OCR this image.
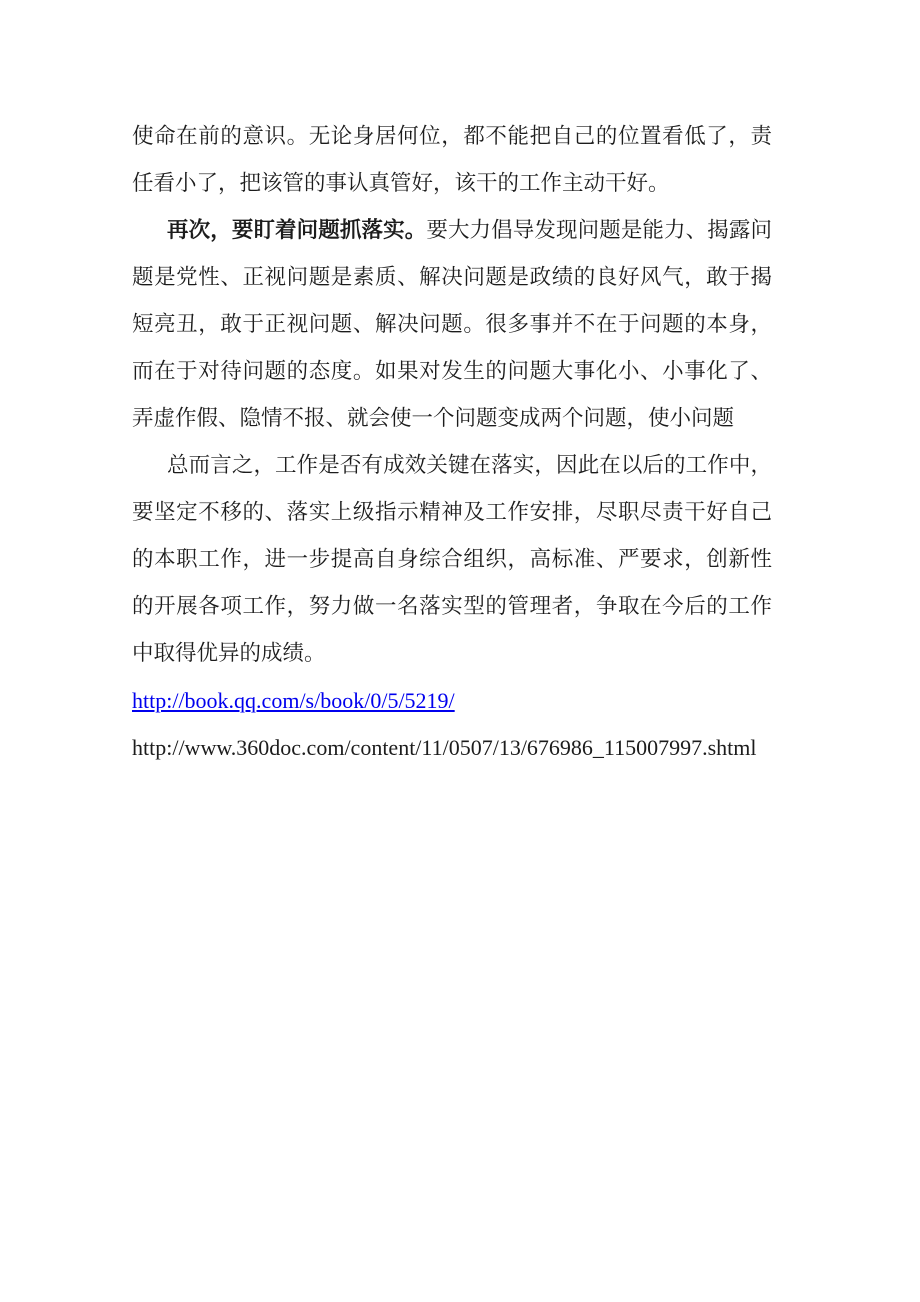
使命在前的意识。无论身居何位，都不能把自己的位置看低了，责
任看小了，把该管的事认真管好，该干的工作主动干好。
再次，要盯着问题抓落实。要大力倡导发现问题是能力、揭露问
题是党性、正视问题是素质、解决问题是政绩的良好风气，敢于揭
短亮丑，敢于正视问题、解决问题。很多事并不在于问题的本身，
而在于对待问题的态度。如果对发生的问题大事化小、小事化了、
弄虚作假、隐情不报、就会使一个问题变成两个问题，使小问题
总而言之，工作是否有成效关键在落实，因此在以后的工作中，
要坚定不移的、落实上级指示精神及工作安排，尽职尽责干好自己
的本职工作，进一步提高自身综合组织，高标准、严要求，创新性
的开展各项工作，努力做一名落实型的管理者，争取在今后的工作
中取得优异的成绩。
http://book.qq.com/s/book/0/5/5219/
http://www.360doc.com/content/11/0507/13/676986_115007997.shtml
